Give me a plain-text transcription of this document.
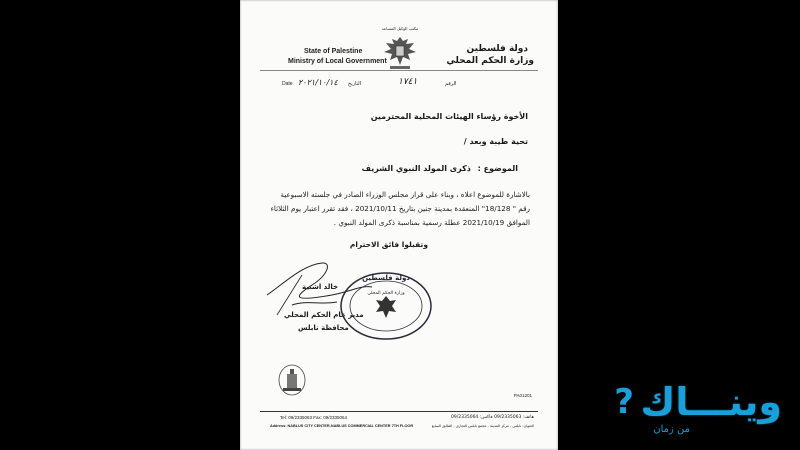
State of Palestine
Ministry of Local Government
مكتب الوكيل المساعد
دولة فلسطين
وزارة الحكم المحلي
Date ٢٠٢١/١٠/١٤ التاريخ	١٧٤١	الرقم
الأخوة رؤساء الهيئات المحلية المحترمين
تحية طيبة وبعد /
الموضوع : ذكرى المولد النبوي الشريف
بالاشارة للموضوع اعلاه ، وبناء على قرار مجلس الوزراء الصادر في جلسته الاسبوعية
رقم " 18/128" المنعقدة بمدينة جنين بتاريخ 2021/10/11 ، فقد تقرر اعتبار يوم الثلاثاء
الموافق 2021/10/19 عطلة رسمية بمناسبة ذكرى المولد النبوي .
وتقبلوا فائق الاحترام
خالد اشتية
مدير عام الحكم المحلي
محافظة نابلس
دولة فلسطين
وزارة الحكم المحلي
PA01201
Tel: 09/2335063 Fax: 09/2335064	هاتف: 09/2335063 فاكس: 09/2335064
Address: NABLUS CITY CENTER-NABLUS COMMERCIAL CENTER 7TH FLOOR	العنوان: نابلس - مركز المدينة - مجمع نابلس التجاري - الطابق السابع
وينـــاك
من زمان
?
